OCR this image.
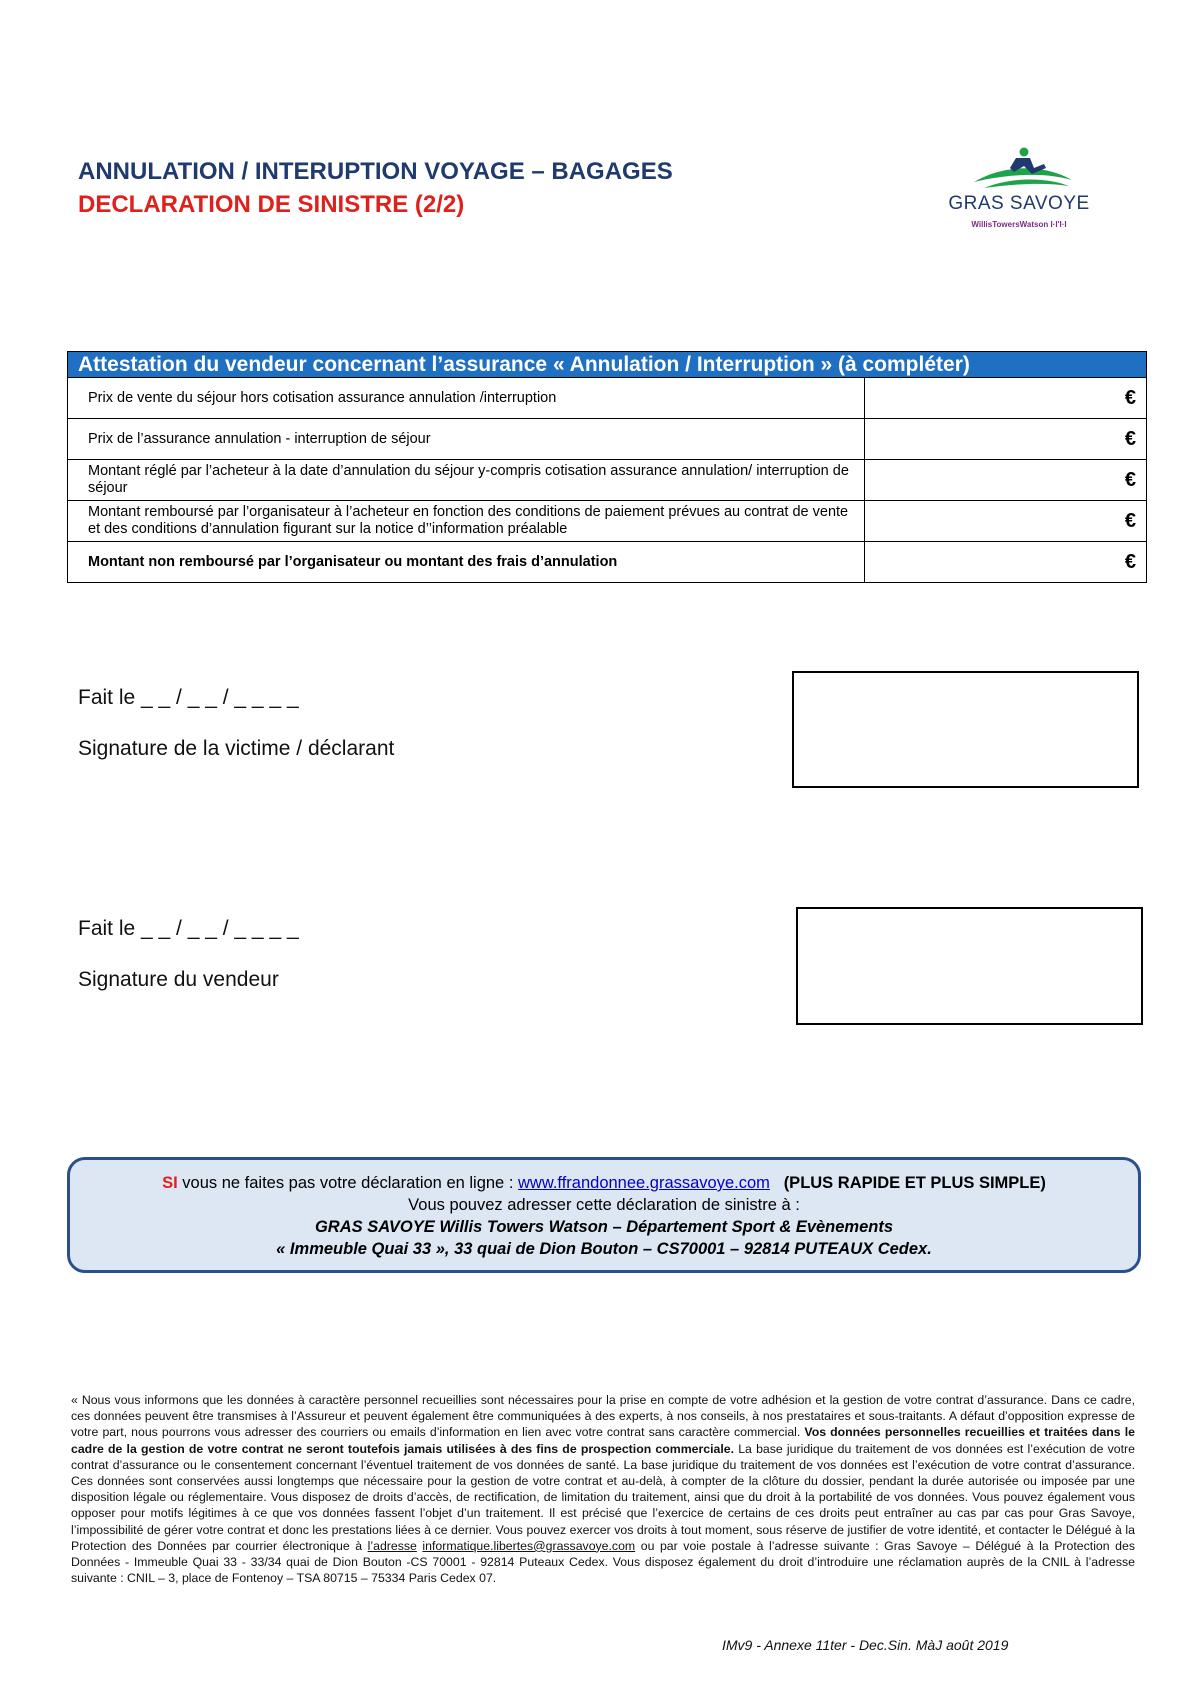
ANNULATION / INTERUPTION VOYAGE – BAGAGES
DECLARATION DE SINISTRE (2/2)	GRAS SAVOYE
WillisTowersWatson I·I'I·I
Attestation du vendeur concernant l’assurance « Annulation / Interruption » (à compléter)
Prix de vente du séjour hors cotisation assurance annulation /interruption	€
Prix de l’assurance annulation - interruption de séjour	€
Montant réglé par l’acheteur à la date d’annulation du séjour y-compris cotisation assurance annulation/ interruption de séjour	€
Montant remboursé par l’organisateur à l’acheteur en fonction des conditions de paiement prévues au contrat de vente et des conditions d’annulation figurant sur la notice d’’information préalable	€
Montant non remboursé par l’organisateur ou montant des frais d’annulation	€
Fait le _ _ / _ _ / _ _ _ _
Signature de la victime / déclarant
Fait le _ _ / _ _ / _ _ _ _
Signature du vendeur
SI vous ne faites pas votre déclaration en ligne : www.ffrandonnee.grassavoye.com (PLUS RAPIDE ET PLUS SIMPLE)
Vous pouvez adresser cette déclaration de sinistre à :
GRAS SAVOYE Willis Towers Watson – Département Sport & Evènements
« Immeuble Quai 33 », 33 quai de Dion Bouton – CS70001 – 92814 PUTEAUX Cedex.
« Nous vous informons que les données à caractère personnel recueillies sont nécessaires pour la prise en compte de votre adhésion et la gestion de votre contrat d’assurance. Dans ce cadre, ces données peuvent être transmises à l’Assureur et peuvent également être communiquées à des experts, à nos conseils, à nos prestataires et sous-traitants. A défaut d’opposition expresse de votre part, nous pourrons vous adresser des courriers ou emails d’information en lien avec votre contrat sans caractère commercial. Vos données personnelles recueillies et traitées dans le cadre de la gestion de votre contrat ne seront toutefois jamais utilisées à des fins de prospection commerciale. La base juridique du traitement de vos données est l’exécution de votre contrat d’assurance ou le consentement concernant l’éventuel traitement de vos données de santé. La base juridique du traitement de vos données est l’exécution de votre contrat d’assurance. Ces données sont conservées aussi longtemps que nécessaire pour la gestion de votre contrat et au-delà, à compter de la clôture du dossier, pendant la durée autorisée ou imposée par une disposition légale ou réglementaire. Vous disposez de droits d’accès, de rectification, de limitation du traitement, ainsi que du droit à la portabilité de vos données. Vous pouvez également vous opposer pour motifs légitimes à ce que vos données fassent l’objet d’un traitement. Il est précisé que l’exercice de certains de ces droits peut entraîner au cas par cas pour Gras Savoye, l’impossibilité de gérer votre contrat et donc les prestations liées à ce dernier. Vous pouvez exercer vos droits à tout moment, sous réserve de justifier de votre identité, et contacter le Délégué à la Protection des Données par courrier électronique à l’adresse informatique.libertes@grassavoye.com ou par voie postale à l’adresse suivante : Gras Savoye – Délégué à la Protection des Données - Immeuble Quai 33 - 33/34 quai de Dion Bouton -CS 70001 - 92814 Puteaux Cedex. Vous disposez également du droit d’introduire une réclamation auprès de la CNIL à l’adresse suivante : CNIL – 3, place de Fontenoy – TSA 80715 – 75334 Paris Cedex 07.
IMv9 - Annexe 11ter - Dec.Sin. MàJ août 2019
